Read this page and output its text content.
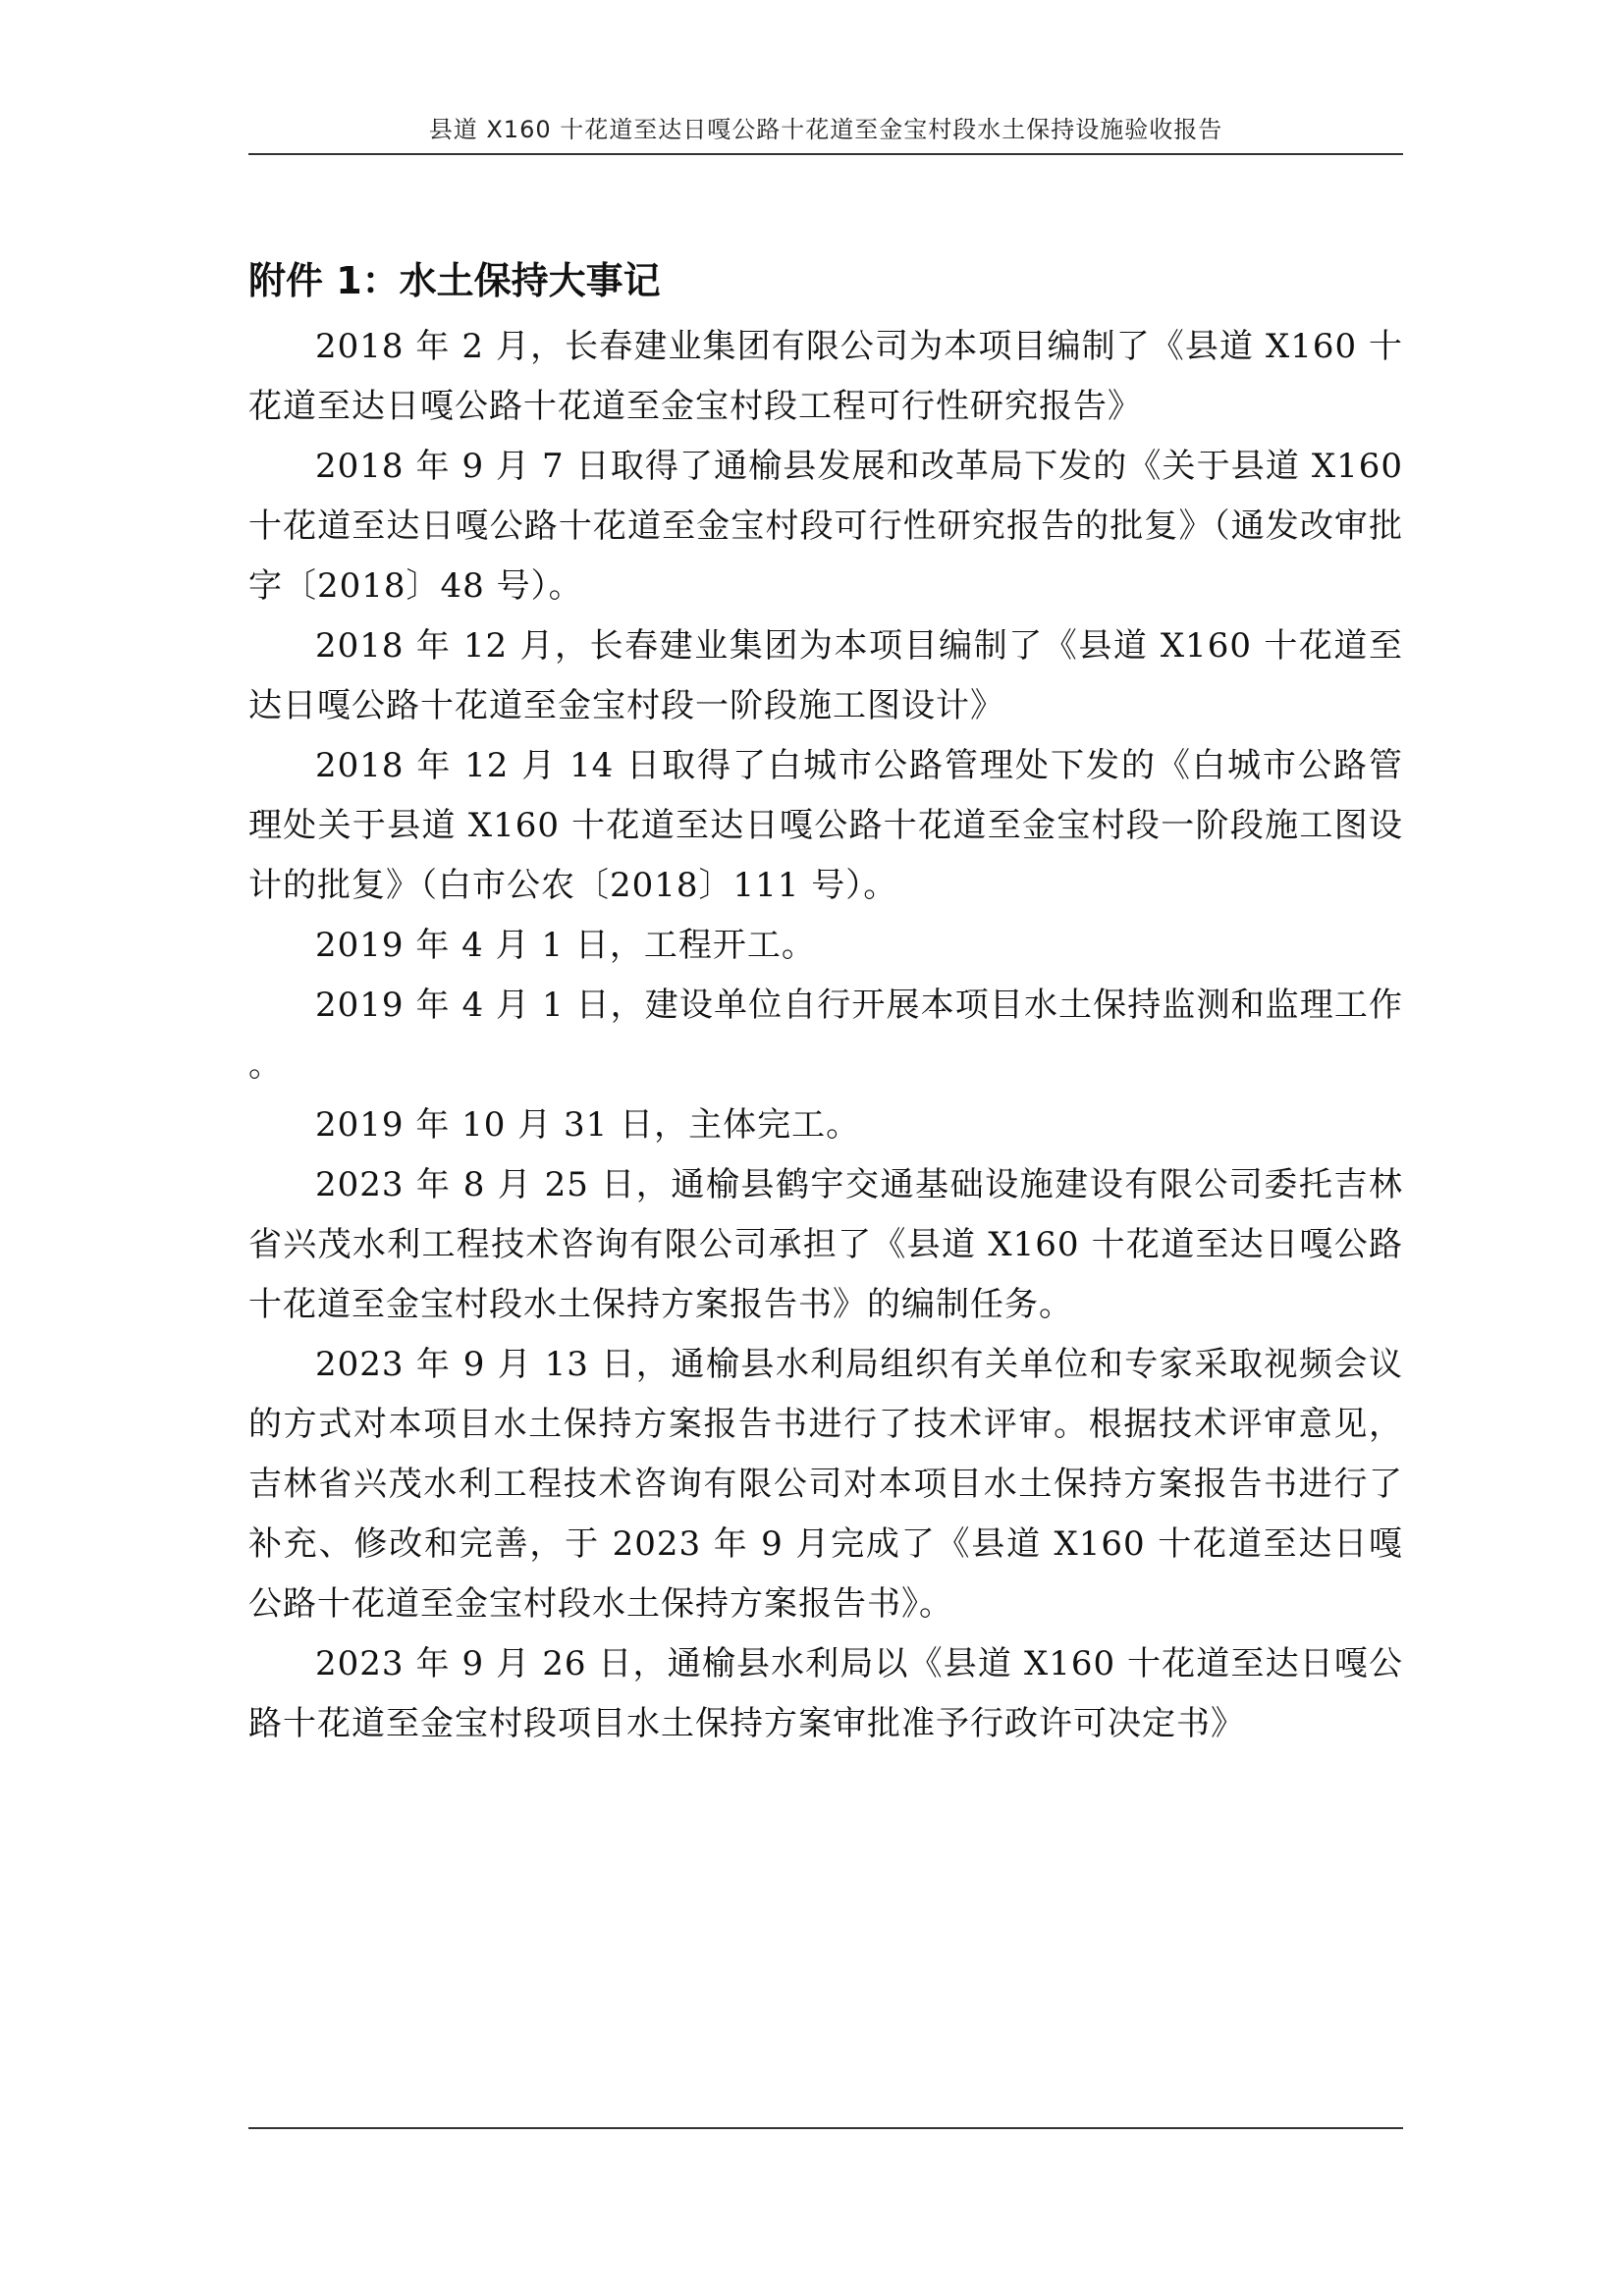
县道 X160 十花道至达日嘎公路十花道至金宝村段水土保持设施验收报告
附件 1：水土保持大事记

2018 年 2 月，长春建业集团有限公司为本项目编制了《县道 X160 十花道至达日嘎公路十花道至金宝村段工程可行性研究报告》

2018 年 9 月 7 日取得了通榆县发展和改革局下发的《关于县道 X160 十花道至达日嘎公路十花道至金宝村段可行性研究报告的批复》（通发改审批字〔2018〕48 号）。

2018 年 12 月，长春建业集团为本项目编制了《县道 X160 十花道至达日嘎公路十花道至金宝村段一阶段施工图设计》

2018 年 12 月 14 日取得了白城市公路管理处下发的《白城市公路管理处关于县道 X160 十花道至达日嘎公路十花道至金宝村段一阶段施工图设计的批复》（白市公农〔2018〕111 号）。

2019 年 4 月 1 日，工程开工。

2019 年 4 月 1 日，建设单位自行开展本项目水土保持监测和监理工作。

2019 年 10 月 31 日，主体完工。

2023 年 8 月 25 日，通榆县鹤宇交通基础设施建设有限公司委托吉林省兴茂水利工程技术咨询有限公司承担了《县道 X160 十花道至达日嘎公路十花道至金宝村段水土保持方案报告书》的编制任务。

2023 年 9 月 13 日，通榆县水利局组织有关单位和专家采取视频会议的方式对本项目水土保持方案报告书进行了技术评审。根据技术评审意见，吉林省兴茂水利工程技术咨询有限公司对本项目水土保持方案报告书进行了补充、修改和完善，于 2023 年 9 月完成了《县道 X160 十花道至达日嘎公路十花道至金宝村段水土保持方案报告书》。

2023 年 9 月 26 日，通榆县水利局以《县道 X160 十花道至达日嘎公路十花道至金宝村段项目水土保持方案审批准予行政许可决定书》
